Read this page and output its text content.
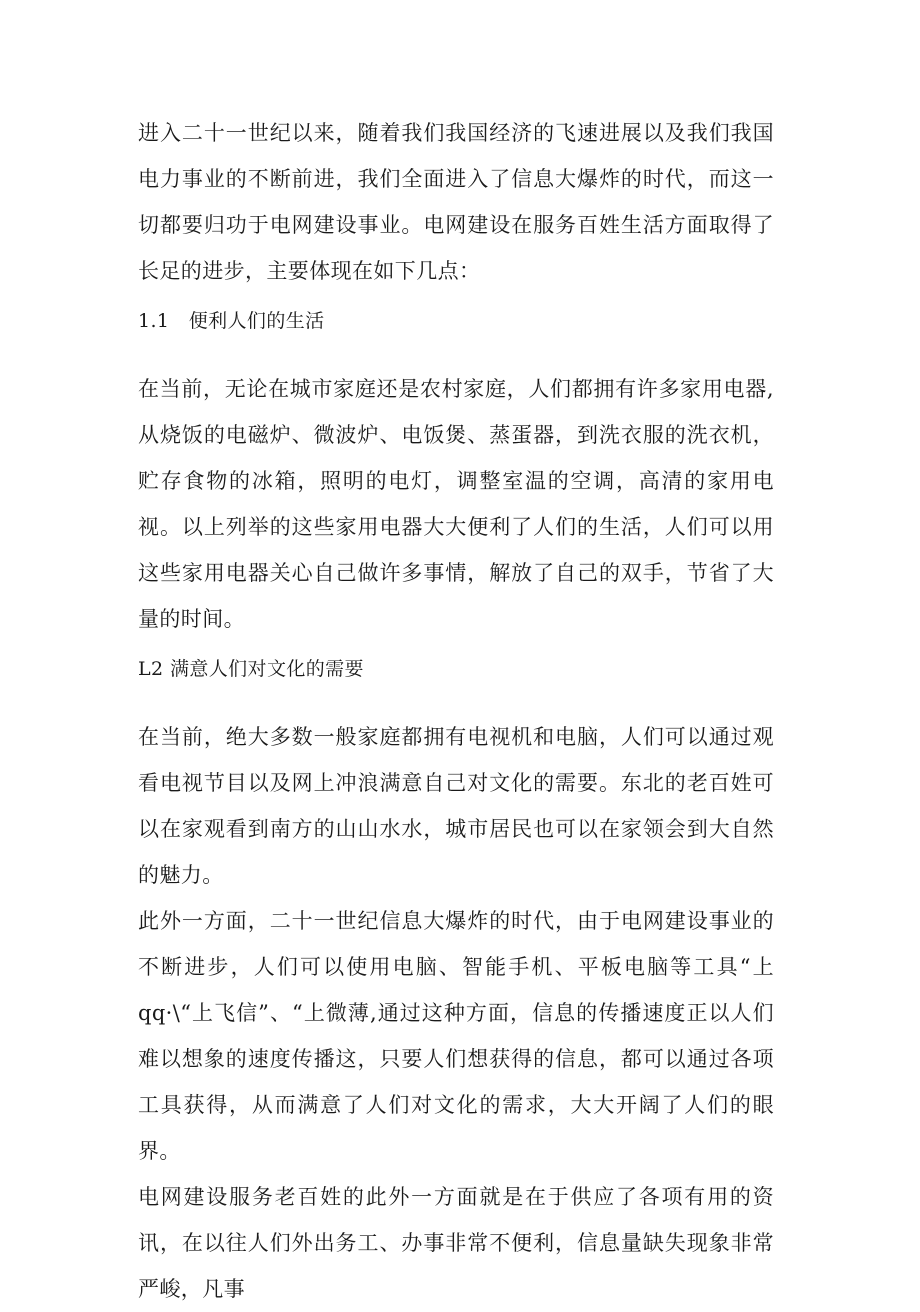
进入二十一世纪以来，随着我们我国经济的飞速进展以及我们我国电力事业的不断前进，我们全面进入了信息大爆炸的时代，而这一切都要归功于电网建设事业。电网建设在服务百姓生活方面取得了长足的进步，主要体现在如下几点：

1.1   便利人们的生活

在当前，无论在城市家庭还是农村家庭，人们都拥有许多家用电器,从烧饭的电磁炉、微波炉、电饭煲、蒸蛋器，到洗衣服的洗衣机，贮存食物的冰箱，照明的电灯，调整室温的空调，高清的家用电视。以上列举的这些家用电器大大便利了人们的生活，人们可以用这些家用电器关心自己做许多事情，解放了自己的双手，节省了大量的时间。

L2 满意人们对文化的需要

在当前，绝大多数一般家庭都拥有电视机和电脑，人们可以通过观看电视节目以及网上冲浪满意自己对文化的需要。东北的老百姓可以在家观看到南方的山山水水，城市居民也可以在家领会到大自然的魅力。

此外一方面，二十一世纪信息大爆炸的时代，由于电网建设事业的不断进步，人们可以使用电脑、智能手机、平板电脑等工具“上 qq·\“上飞信”、“上微薄,通过这种方面，信息的传播速度正以人们难以想象的速度传播这，只要人们想获得的信息，都可以通过各项工具获得，从而满意了人们对文化的需求，大大开阔了人们的眼界。

电网建设服务老百姓的此外一方面就是在于供应了各项有用的资讯，在以往人们外出务工、办事非常不便利，信息量缺失现象非常严峻，凡事
